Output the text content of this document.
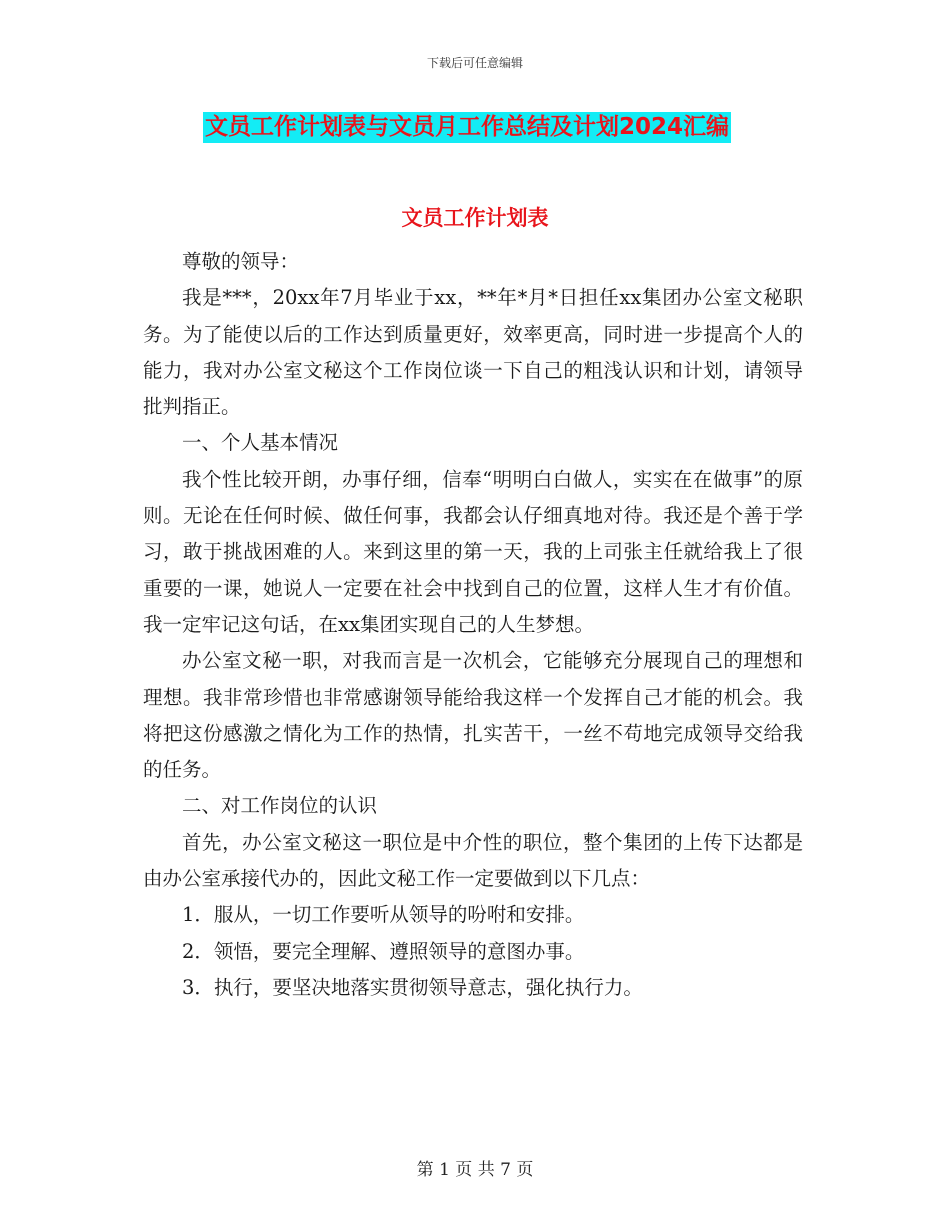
下载后可任意编辑
文员工作计划表与文员月工作总结及计划2024汇编
文员工作计划表

尊敬的领导：

我是***，20xx年7月毕业于xx，**年*月*日担任xx集团办公室文秘职务。为了能使以后的工作达到质量更好，效率更高，同时进一步提高个人的能力，我对办公室文秘这个工作岗位谈一下自己的粗浅认识和计划，请领导批判指正。

一、个人基本情况

我个性比较开朗，办事仔细，信奉“明明白白做人，实实在在做事”的原则。无论在任何时候、做任何事，我都会认仔细真地对待。我还是个善于学习，敢于挑战困难的人。来到这里的第一天，我的上司张主任就给我上了很重要的一课，她说人一定要在社会中找到自己的位置，这样人生才有价值。我一定牢记这句话，在xx集团实现自己的人生梦想。

办公室文秘一职，对我而言是一次机会，它能够充分展现自己的理想和理想。我非常珍惜也非常感谢领导能给我这样一个发挥自己才能的机会。我将把这份感激之情化为工作的热情，扎实苦干，一丝不苟地完成领导交给我的任务。

二、对工作岗位的认识

首先，办公室文秘这一职位是中介性的职位，整个集团的上传下达都是由办公室承接代办的，因此文秘工作一定要做到以下几点：

1．服从，一切工作要听从领导的吩咐和安排。

2．领悟，要完全理解、遵照领导的意图办事。

3．执行，要坚决地落实贯彻领导意志，强化执行力。

第 1 页 共 7 页
